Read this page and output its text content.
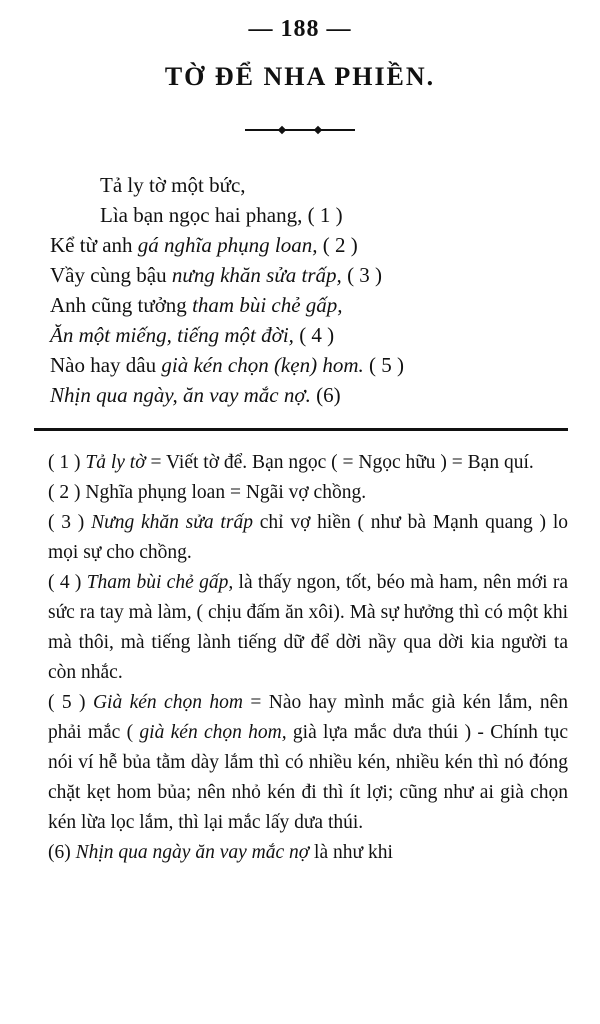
— 188 —
TỜ ĐỂ NHA PHIỀN.
Tả ly tờ một bức,
Lìa bạn ngọc hai phang, ( 1 )
Kể từ anh gá nghĩa phụng loan, ( 2 )
Vầy cùng bậu nưng khăn sửa trấp, ( 3 )
Anh cũng tưởng tham bùi chẻ gấp,
Ăn một miếng, tiếng một đời, ( 4 )
Nào hay dâu già kén chọn (kẹn) hom. ( 5 )
Nhịn qua ngày, ăn vay mắc nợ. (6)

( 1 ) Tả ly tờ = Viết tờ để. Bạn ngọc ( = Ngọc hữu ) = Bạn quí.

( 2 ) Nghĩa phụng loan = Ngãi vợ chồng.

( 3 ) Nưng khăn sửa trấp chỉ vợ hiền ( như bà Mạnh quang ) lo mọi sự cho chồng.

( 4 ) Tham bùi chẻ gấp, là thấy ngon, tốt, béo mà ham, nên mới ra sức ra tay mà làm, ( chịu đấm ăn xôi). Mà sự hưởng thì có một khi mà thôi, mà tiếng lành tiếng dữ để dời nầy qua dời kia người ta còn nhắc.

( 5 ) Già kén chọn hom = Nào hay mình mắc già kén lắm, nên phải mắc ( già kén chọn hom, già lựa mắc dưa thúi ) - Chính tục nói ví hễ bủa tằm dày lắm thì có nhiều kén, nhiều kén thì nó đóng chặt kẹt hom bủa; nên nhỏ kén đi thì ít lợi; cũng như ai già chọn kén lừa lọc lắm, thì lại mắc lấy dưa thúi.

(6) Nhịn qua ngày ăn vay mắc nợ là như khi
